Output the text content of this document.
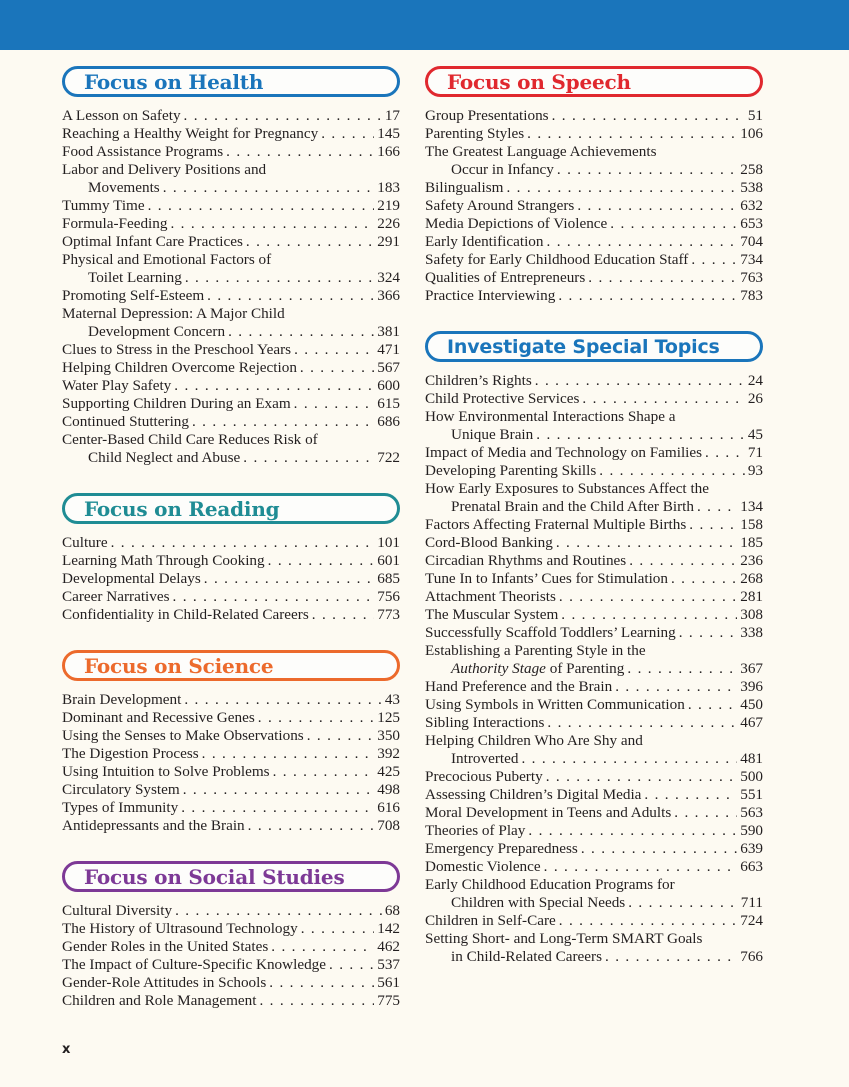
Focus on Health
A Lesson on Safety . . .	17
Reaching a Healthy Weight for Pregnancy . . .	145
Food Assistance Programs . . .	166
Labor and Delivery Positions and
Movements . . .	183
Tummy Time . . .	219
Formula-Feeding . . .	226
Optimal Infant Care Practices . . .	291
Physical and Emotional Factors of
Toilet Learning . . .	324
Promoting Self-Esteem . . .	366
Maternal Depression: A Major Child
Development Concern . . .	381
Clues to Stress in the Preschool Years . . .	471
Helping Children Overcome Rejection . . .	567
Water Play Safety . . .	600
Supporting Children During an Exam . . .	615
Continued Stuttering . . .	686
Center-Based Child Care Reduces Risk of
Child Neglect and Abuse . . .	722
Focus on Reading
Culture . . .	101
Learning Math Through Cooking . . .	601
Developmental Delays . . .	685
Career Narratives . . .	756
Confidentiality in Child-Related Careers . . .	773
Focus on Science
Brain Development . . .	43
Dominant and Recessive Genes . . .	125
Using the Senses to Make Observations . . .	350
The Digestion Process . . .	392
Using Intuition to Solve Problems . . .	425
Circulatory System . . .	498
Types of Immunity . . .	616
Antidepressants and the Brain . . .	708
Focus on Social Studies
Cultural Diversity . . .	68
The History of Ultrasound Technology . . .	142
Gender Roles in the United States . . .	462
The Impact of Culture-Specific Knowledge . . .	537
Gender-Role Attitudes in Schools . . .	561
Children and Role Management . . .	775
Focus on Speech
Group Presentations . . .	51
Parenting Styles . . .	106
The Greatest Language Achievements
Occur in Infancy . . .	258
Bilingualism . . .	538
Safety Around Strangers . . .	632
Media Depictions of Violence . . .	653
Early Identification . . .	704
Safety for Early Childhood Education Staff . . .	734
Qualities of Entrepreneurs . . .	763
Practice Interviewing . . .	783
Investigate Special Topics
Children’s Rights . . .	24
Child Protective Services . . .	26
How Environmental Interactions Shape a
Unique Brain . . .	45
Impact of Media and Technology on Families . . .	71
Developing Parenting Skills . . .	93
How Early Exposures to Substances Affect the
Prenatal Brain and the Child After Birth . . .	134
Factors Affecting Fraternal Multiple Births . . .	158
Cord-Blood Banking . . .	185
Circadian Rhythms and Routines . . .	236
Tune In to Infants’ Cues for Stimulation . . .	268
Attachment Theorists . . .	281
The Muscular System . . .	308
Successfully Scaffold Toddlers’ Learning . . .	338
Establishing a Parenting Style in the
Authority Stage of Parenting . . .	367
Hand Preference and the Brain . . .	396
Using Symbols in Written Communication . . .	450
Sibling Interactions . . .	467
Helping Children Who Are Shy and
Introverted . . .	481
Precocious Puberty . . .	500
Assessing Children’s Digital Media . . .	551
Moral Development in Teens and Adults . . .	563
Theories of Play . . .	590
Emergency Preparedness . . .	639
Domestic Violence . . .	663
Early Childhood Education Programs for
Children with Special Needs . . .	711
Children in Self-Care . . .	724
Setting Short- and Long-Term SMART Goals
in Child-Related Careers . . .	766
x
